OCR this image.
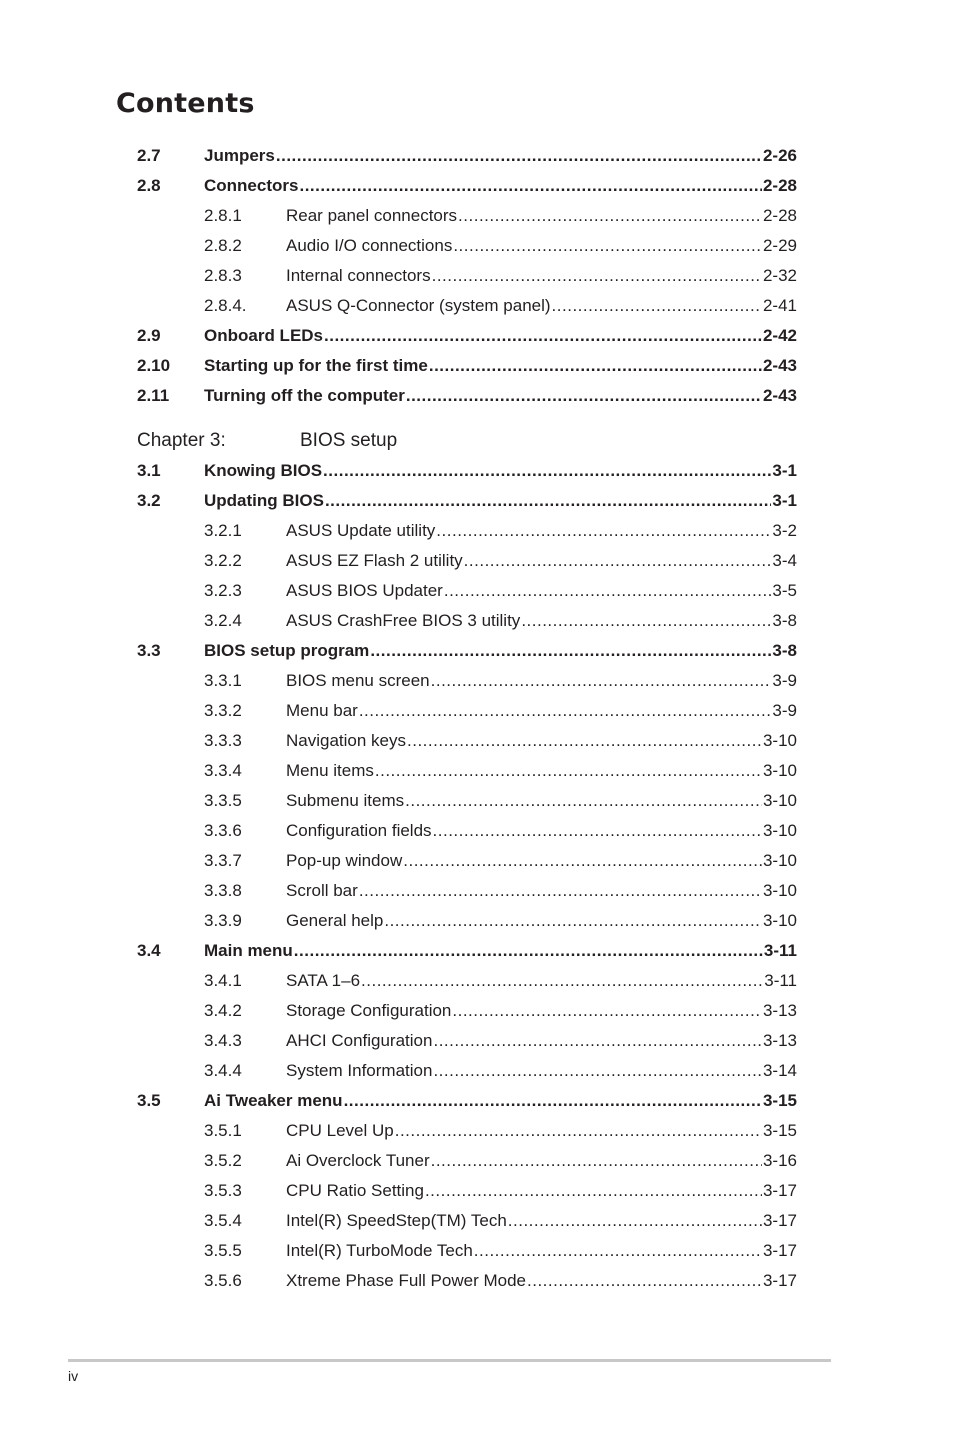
Contents
2.7	Jumpers .....	2-26
2.8	Connectors .....	2-28
2.8.1	Rear panel connectors .....	2-28
2.8.2	Audio I/O connections .....	2-29
2.8.3	Internal connectors .....	2-32
2.8.4. ASUS Q-Connector (system panel) .....	2-41
2.9	Onboard LEDs .....	2-42
2.10 Starting up for the first time .....	2-43
2.11 Turning off the computer .....	2-43
Chapter 3:	BIOS setup
3.1	Knowing BIOS .....	3-1
3.2	Updating BIOS .....	3-1
3.2.1	ASUS Update utility .....	3-2
3.2.2	ASUS EZ Flash 2 utility .....	3-4
3.2.3	ASUS BIOS Updater .....	3-5
3.2.4	ASUS CrashFree BIOS 3 utility .....	3-8
3.3	BIOS setup program .....	3-8
3.3.1	BIOS menu screen .....	3-9
3.3.2	Menu bar .....	3-9
3.3.3	Navigation keys .....	3-10
3.3.4	Menu items .....	3-10
3.3.5	Submenu items .....	3-10
3.3.6	Configuration fields .....	3-10
3.3.7	Pop-up window .....	3-10
3.3.8	Scroll bar .....	3-10
3.3.9	General help .....	3-10
3.4	Main menu .....	3-11
3.4.1	SATA 1–6 .....	3-11
3.4.2	Storage Configuration .....	3-13
3.4.3	AHCI Configuration .....	3-13
3.4.4	System Information .....	3-14
3.5	Ai Tweaker menu .....	3-15
3.5.1	CPU Level Up .....	3-15
3.5.2	Ai Overclock Tuner .....	3-16
3.5.3	CPU Ratio Setting .....	3-17
3.5.4	Intel(R) SpeedStep(TM) Tech .....	3-17
3.5.5	Intel(R) TurboMode Tech .....	3-17
3.5.6	Xtreme Phase Full Power Mode .....	3-17
iv
